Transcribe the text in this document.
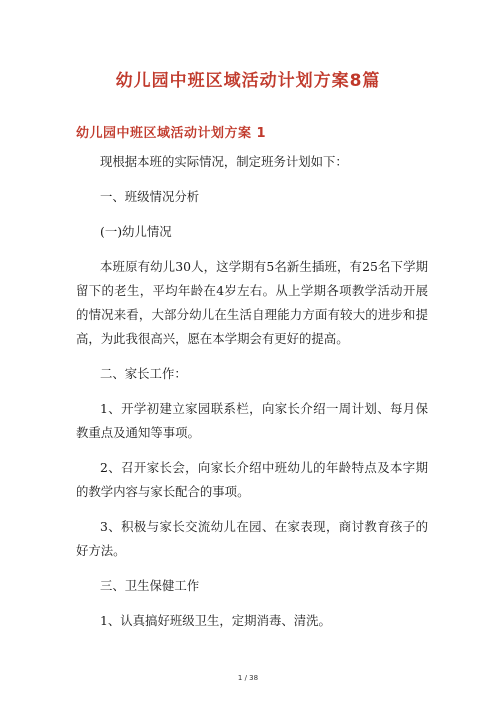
幼儿园中班区域活动计划方案8篇
幼儿园中班区域活动计划方案 1

现根据本班的实际情况，制定班务计划如下：

一、班级情况分析

(一)幼儿情况

本班原有幼儿30人，这学期有5名新生插班，有25名下学期留下的老生，平均年龄在4岁左右。从上学期各项教学活动开展的情况来看，大部分幼儿在生活自理能力方面有较大的进步和提高，为此我很高兴，愿在本学期会有更好的提高。

二、家长工作：

1、开学初建立家园联系栏，向家长介绍一周计划、每月保教重点及通知等事项。

2、召开家长会，向家长介绍中班幼儿的年龄特点及本字期的教学内容与家长配合的事项。

3、积极与家长交流幼儿在园、在家表现，商讨教育孩子的好方法。

三、卫生保健工作

1、认真搞好班级卫生，定期消毒、清洗。

1 / 38
